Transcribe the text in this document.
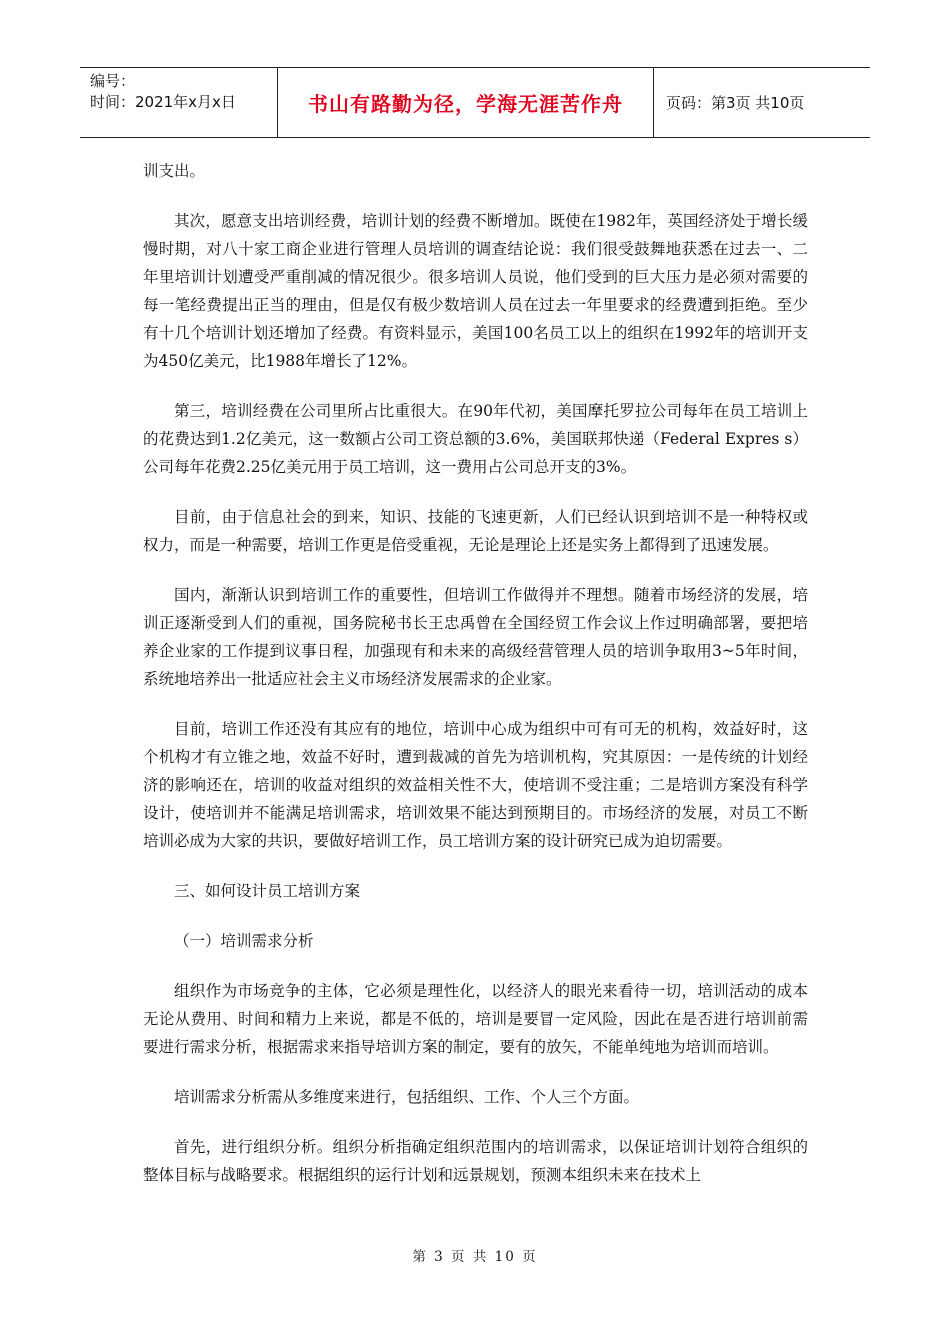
编号：
时间：2021年x月x日	书山有路勤为径，学海无涯苦作舟	页码：第3页 共10页

训支出。

其次，愿意支出培训经费，培训计划的经费不断增加。既使在1982年，英国经济处于增长缓慢时期，对八十家工商企业进行管理人员培训的调查结论说：我们很受鼓舞地获悉在过去一、二年里培训计划遭受严重削减的情况很少。很多培训人员说，他们受到的巨大压力是必须对需要的每一笔经费提出正当的理由，但是仅有极少数培训人员在过去一年里要求的经费遭到拒绝。至少有十几个培训计划还增加了经费。有资料显示，美国100名员工以上的组织在1992年的培训开支为450亿美元，比1988年增长了12%。

第三，培训经费在公司里所占比重很大。在90年代初，美国摩托罗拉公司每年在员工培训上的花费达到1.2亿美元，这一数额占公司工资总额的3.6%，美国联邦快递（Federal Expres s）公司每年花费2.25亿美元用于员工培训，这一费用占公司总开支的3%。

目前，由于信息社会的到来，知识、技能的飞速更新，人们已经认识到培训不是一种特权或权力，而是一种需要，培训工作更是倍受重视，无论是理论上还是实务上都得到了迅速发展。

国内，渐渐认识到培训工作的重要性，但培训工作做得并不理想。随着市场经济的发展，培训正逐渐受到人们的重视，国务院秘书长王忠禹曾在全国经贸工作会议上作过明确部署，要把培养企业家的工作提到议事日程，加强现有和未来的高级经营管理人员的培训争取用3~5年时间，系统地培养出一批适应社会主义市场经济发展需求的企业家。

目前，培训工作还没有其应有的地位，培训中心成为组织中可有可无的机构，效益好时，这个机构才有立锥之地，效益不好时，遭到裁减的首先为培训机构，究其原因：一是传统的计划经济的影响还在，培训的收益对组织的效益相关性不大，使培训不受注重；二是培训方案没有科学设计，使培训并不能满足培训需求，培训效果不能达到预期目的。市场经济的发展，对员工不断培训必成为大家的共识，要做好培训工作，员工培训方案的设计研究已成为迫切需要。

三、如何设计员工培训方案

（一）培训需求分析

组织作为市场竞争的主体，它必须是理性化，以经济人的眼光来看待一切，培训活动的成本无论从费用、时间和精力上来说，都是不低的，培训是要冒一定风险，因此在是否进行培训前需要进行需求分析，根据需求来指导培训方案的制定，要有的放矢，不能单纯地为培训而培训。

培训需求分析需从多维度来进行，包括组织、工作、个人三个方面。

首先，进行组织分析。组织分析指确定组织范围内的培训需求，以保证培训计划符合组织的整体目标与战略要求。根据组织的运行计划和远景规划，预测本组织未来在技术上

第 3 页 共 10 页
